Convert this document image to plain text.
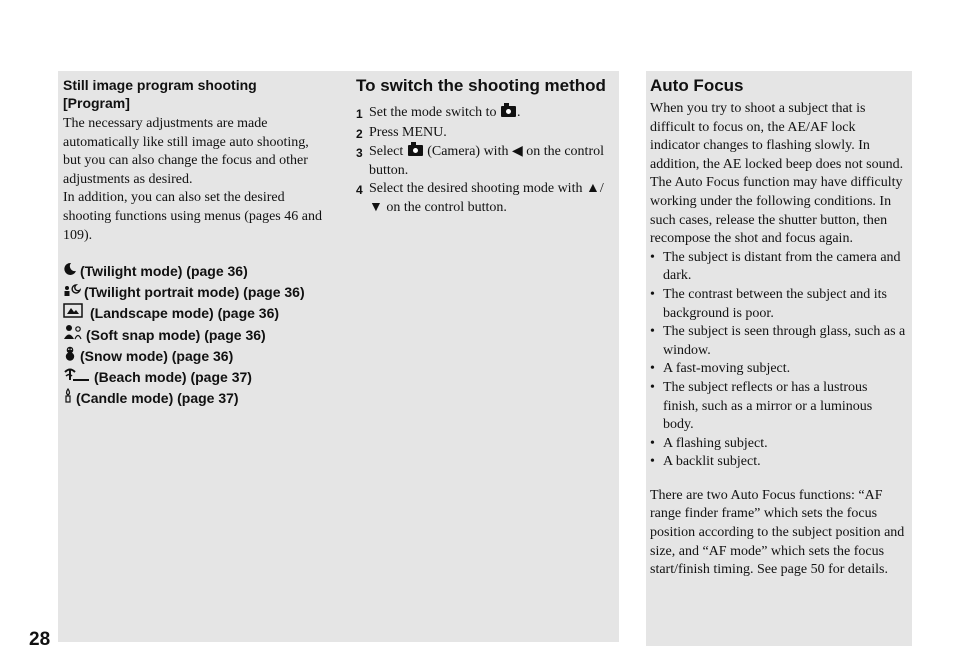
Still image program shooting [Program]

The necessary adjustments are made automatically like still image auto shooting, but you can also change the focus and other adjustments as desired.

In addition, you can also set the desired shooting functions using menus (pages 46 and 109).

(Twilight mode) (page 36)
(Twilight portrait mode) (page 36)
(Landscape mode) (page 36)
(Soft snap mode) (page 36)
(Snow mode) (page 36)
(Beach mode) (page 37)
(Candle mode) (page 37)
To switch the shooting method
1 Set the mode switch to .
2 Press MENU.
3 Select (Camera) with ◀ on the control button.
4 Select the desired shooting mode with ▲/▼ on the control button.
Auto Focus

When you try to shoot a subject that is difficult to focus on, the AE/AF lock indicator changes to flashing slowly. In addition, the AE locked beep does not sound.

The Auto Focus function may have difficulty working under the following conditions. In such cases, release the shutter button, then recompose the shot and focus again.

• The subject is distant from the camera and dark.
• The contrast between the subject and its background is poor.
• The subject is seen through glass, such as a window.
• A fast-moving subject.
• The subject reflects or has a lustrous finish, such as a mirror or a luminous body.
• A flashing subject.
• A backlit subject.

There are two Auto Focus functions: “AF range finder frame” which sets the focus position according to the subject position and size, and “AF mode” which sets the focus start/finish timing. See page 50 for details.

28
